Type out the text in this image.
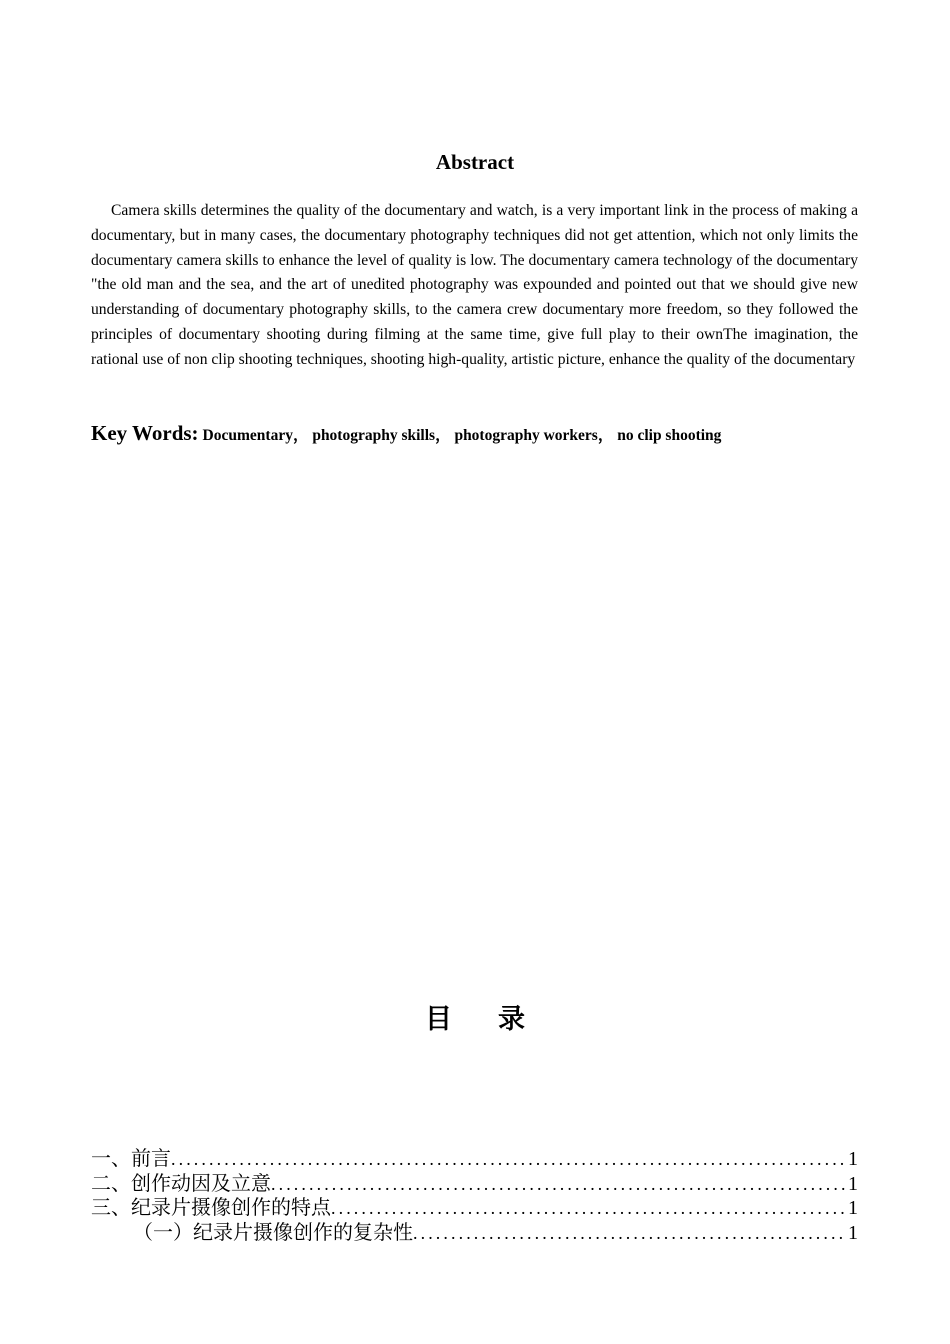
Abstract

Camera skills determines the quality of the documentary and watch, is a very important link in the process of making a documentary, but in many cases, the documentary photography techniques did not get attention, which not only limits the documentary camera skills to enhance the level of quality is low. The documentary camera technology of the documentary "the old man and the sea, and the art of unedited photography was expounded and pointed out that we should give new understanding of documentary photography skills, to the camera crew documentary more freedom, so they followed the principles of documentary shooting during filming at the same time, give full play to their ownThe imagination, the rational use of non clip shooting techniques, shooting high-quality, artistic picture, enhance the quality of the documentary

Key Words: Documentary， photography skills， photography workers， no clip shooting

目 录
一、前言 .....	1
二、创作动因及立意 .....	1
三、纪录片摄像创作的特点 .....	1
（一）纪录片摄像创作的复杂性 .....	1
